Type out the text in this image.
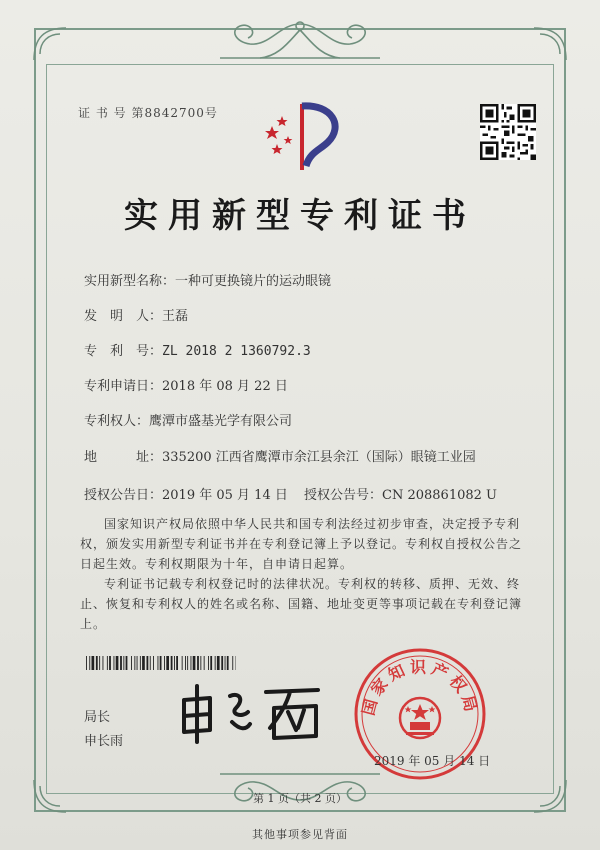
证 书 号 第8842700号
实用新型专利证书
实用新型名称：一种可更换镜片的运动眼镜
发　明　人：王磊
专　利　号：ZL 2018 2 1360792.3
专利申请日：2018 年 08 月 22 日
专利权人：鹰潭市盛基光学有限公司
地　　　址：335200 江西省鹰潭市余江县余江（国际）眼镜工业园
授权公告日：2019 年 05 月 14 日 授权公告号：CN 208861082 U
国家知识产权局依照中华人民共和国专利法经过初步审查，决定授予专利权，颁发实用新型专利证书并在专利登记簿上予以登记。专利权自授权公告之日起生效。专利权期限为十年，自申请日起算。
专利证书记载专利权登记时的法律状况。专利权的转移、质押、无效、终止、恢复和专利权人的姓名或名称、国籍、地址变更等事项记载在专利登记簿上。
局长
申长雨
国家知识产权局
2019 年 05 月 14 日
第 1 页（共 2 页）
其他事项参见背面
